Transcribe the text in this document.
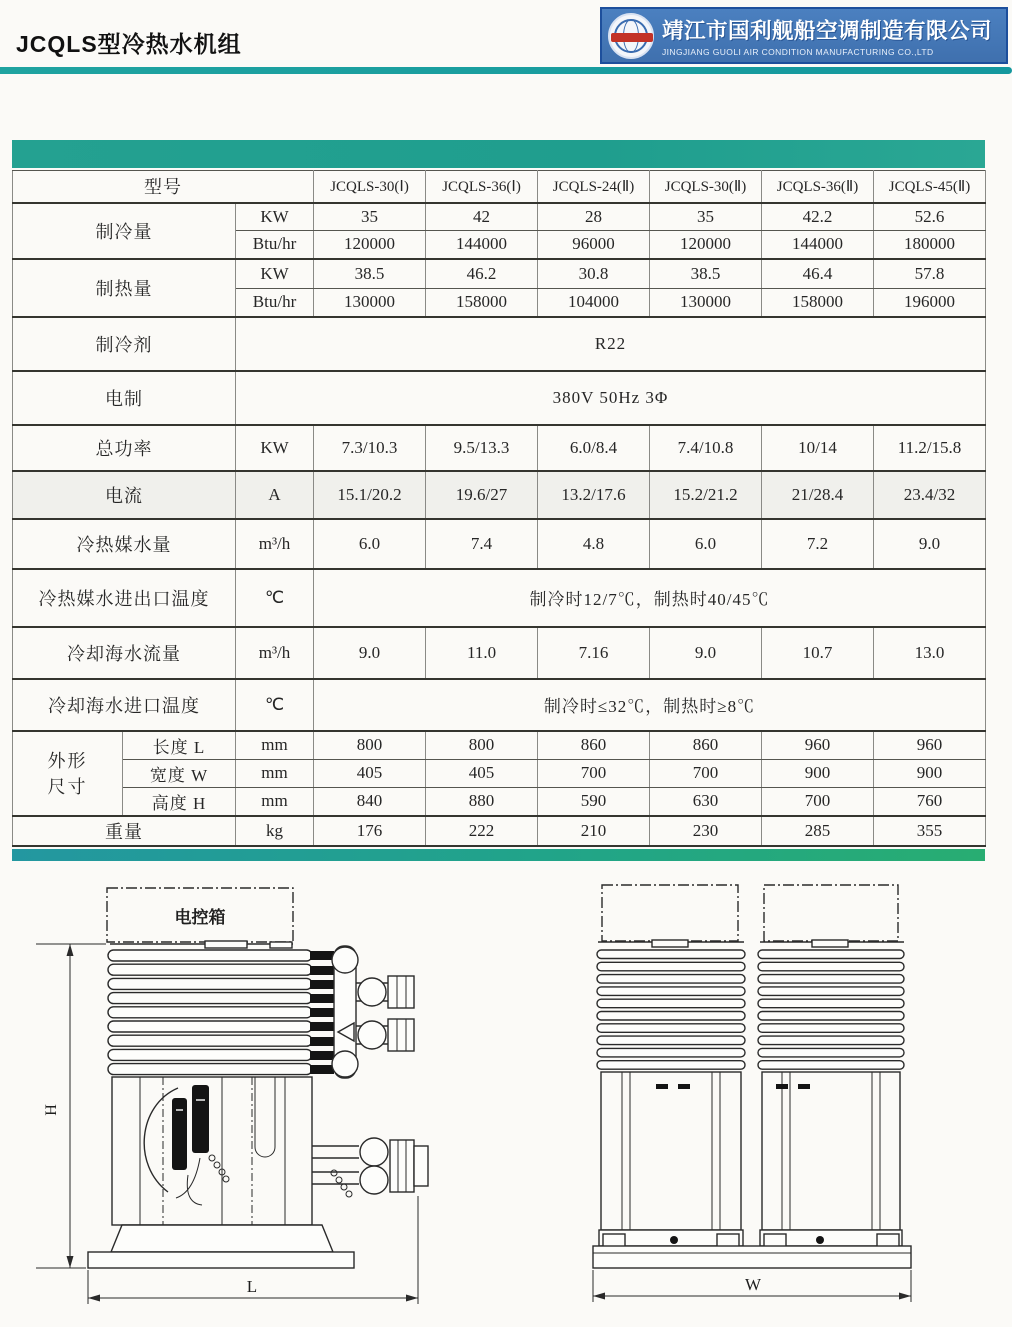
JCQLS型冷热水机组	靖江市国利舰船空调制造有限公司
JINGJIANG GUOLI AIR CONDITION MANUFACTURING CO.,LTD
型号			JCQLS-30(Ⅰ)	JCQLS-36(Ⅰ)	JCQLS-24(Ⅱ)	JCQLS-30(Ⅱ)	JCQLS-36(Ⅱ)	JCQLS-45(Ⅱ)
制冷量		KW	35	42	28	35	42.2	52.6
		Btu/hr	120000	144000	96000	120000	144000	180000
制热量		KW	38.5	46.2	30.8	38.5	46.4	57.8
		Btu/hr	130000	158000	104000	130000	158000	196000
制冷剂		R22						
电制		380V 50Hz 3Φ						
总功率		KW	7.3/10.3	9.5/13.3	6.0/8.4	7.4/10.8	10/14	11.2/15.8
电流		A	15.1/20.2	19.6/27	13.2/17.6	15.2/21.2	21/28.4	23.4/32
冷热媒水量		m³/h	6.0	7.4	4.8	6.0	7.2	9.0
冷热媒水进出口温度		℃	制冷时12/7℃，制热时40/45℃					
冷却海水流量		m³/h	9.0	11.0	7.16	9.0	10.7	13.0
冷却海水进口温度		℃	制冷时≤32℃，制热时≥8℃					
外形
尺寸	长度 L	mm	800	800	860	860	960	960
	宽度 W	mm	405	405	700	700	900	900
	高度 H	mm	840	880	590	630	700	760
重量		kg	176	222	210	230	285	355
电控箱
H
L	W
